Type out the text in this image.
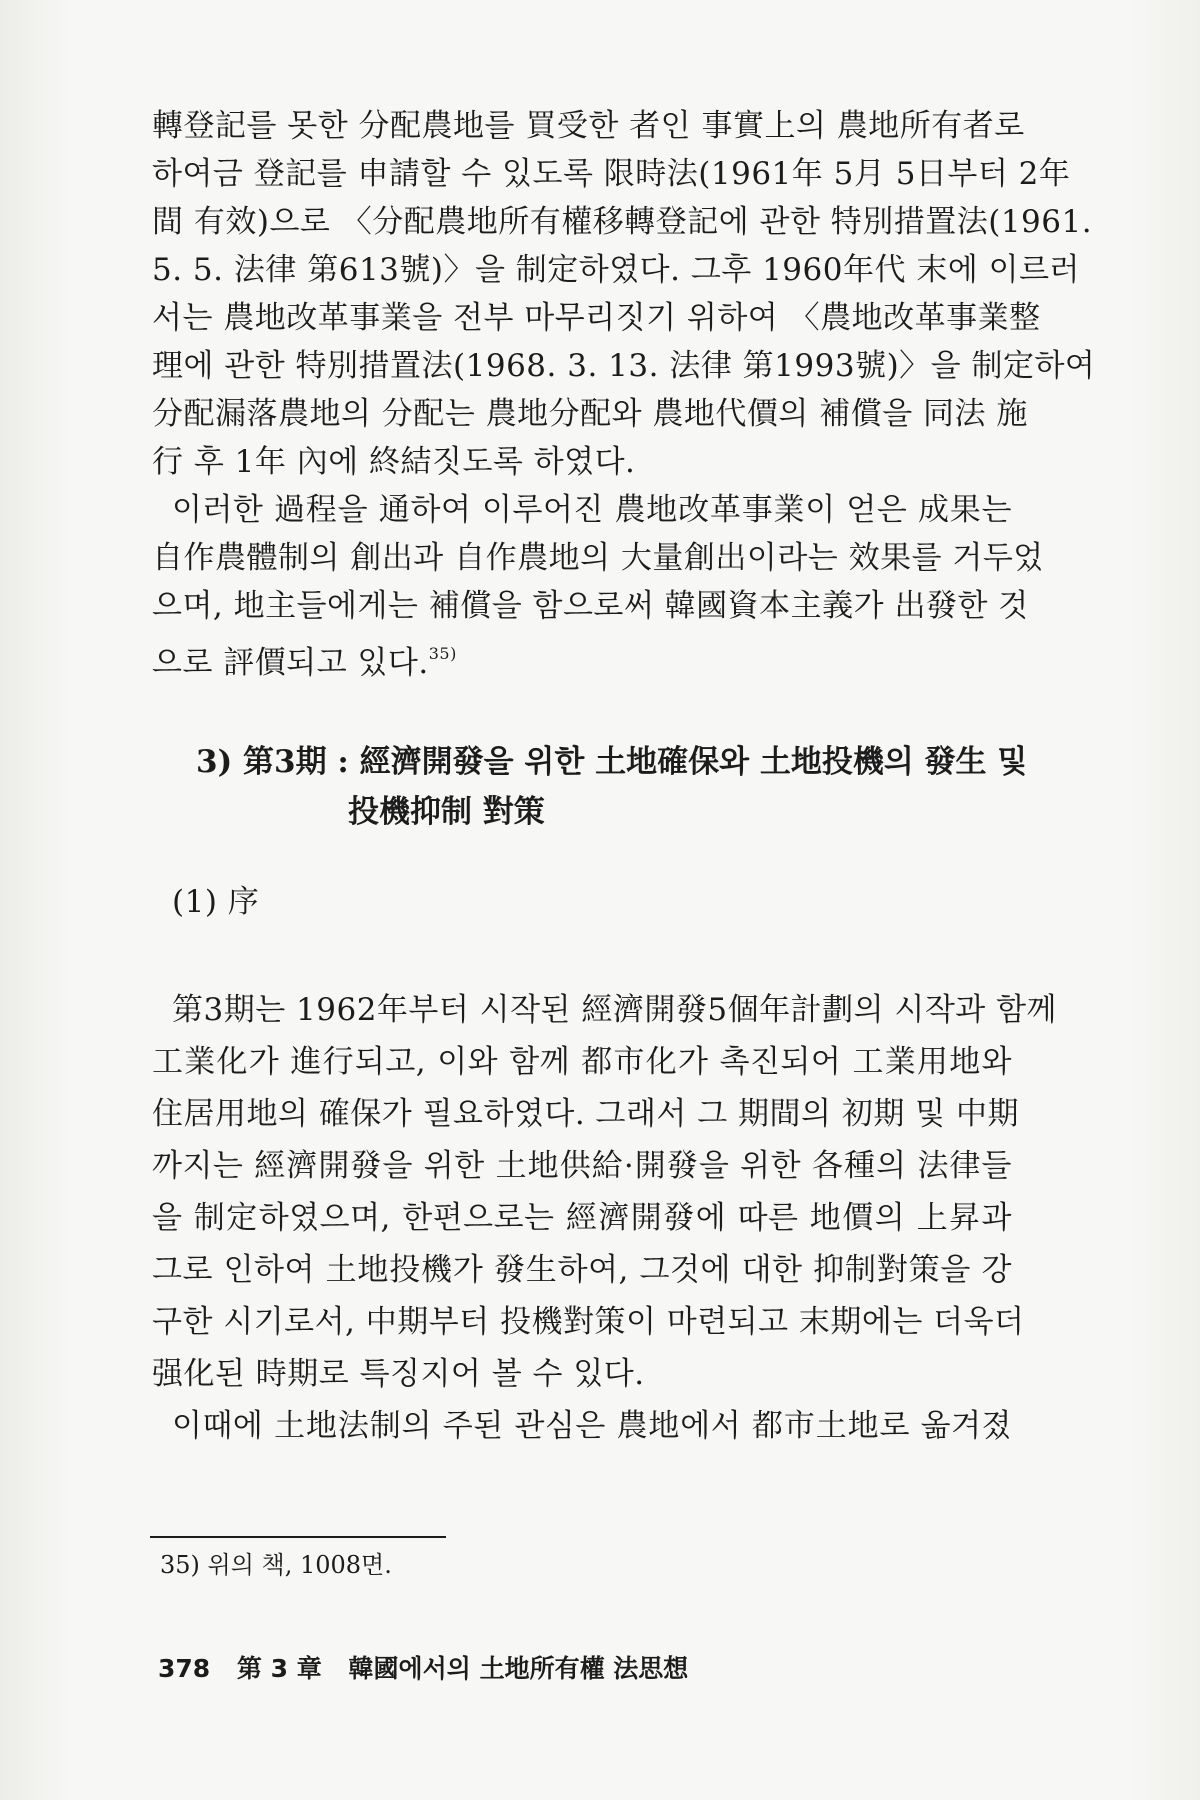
轉登記를 못한 分配農地를 買受한 者인 事實上의 農地所有者로
하여금 登記를 申請할 수 있도록 限時法(1961年 5月 5日부터 2年
間 有效)으로 〈分配農地所有權移轉登記에 관한 特別措置法(1961.
5. 5. 法律 第613號)〉을 制定하였다. 그후 1960年代 末에 이르러
서는 農地改革事業을 전부 마무리짓기 위하여 〈農地改革事業整
理에 관한 特別措置法(1968. 3. 13. 法律 第1993號)〉을 制定하여
分配漏落農地의 分配는 農地分配와 農地代價의 補償을 同法 施
行 후 1年 內에 終結짓도록 하였다.
이러한 過程을 通하여 이루어진 農地改革事業이 얻은 成果는
自作農體制의 創出과 自作農地의 大量創出이라는 效果를 거두었
으며, 地主들에게는 補償을 함으로써 韓國資本主義가 出發한 것
으로 評價되고 있다.$^{35)}$
3) 第3期 : 經濟開發을 위한 土地確保와 土地投機의 發生 및
投機抑制 對策
(1) 序
第3期는 1962年부터 시작된 經濟開發5個年計劃의 시작과 함께
工業化가 進行되고, 이와 함께 都市化가 촉진되어 工業用地와
住居用地의 確保가 필요하였다. 그래서 그 期間의 初期 및 中期
까지는 經濟開發을 위한 土地供給·開發을 위한 各種의 法律들
을 制定하였으며, 한편으로는 經濟開發에 따른 地價의 上昇과
그로 인하여 土地投機가 發生하여, 그것에 대한 抑制對策을 강
구한 시기로서, 中期부터 投機對策이 마련되고 末期에는 더욱더
强化된 時期로 특징지어 볼 수 있다.
이때에 土地法制의 주된 관심은 農地에서 都市土地로 옮겨졌
35) 위의 책, 1008면.
378 第 3 章 韓國에서의 土地所有權 法思想
